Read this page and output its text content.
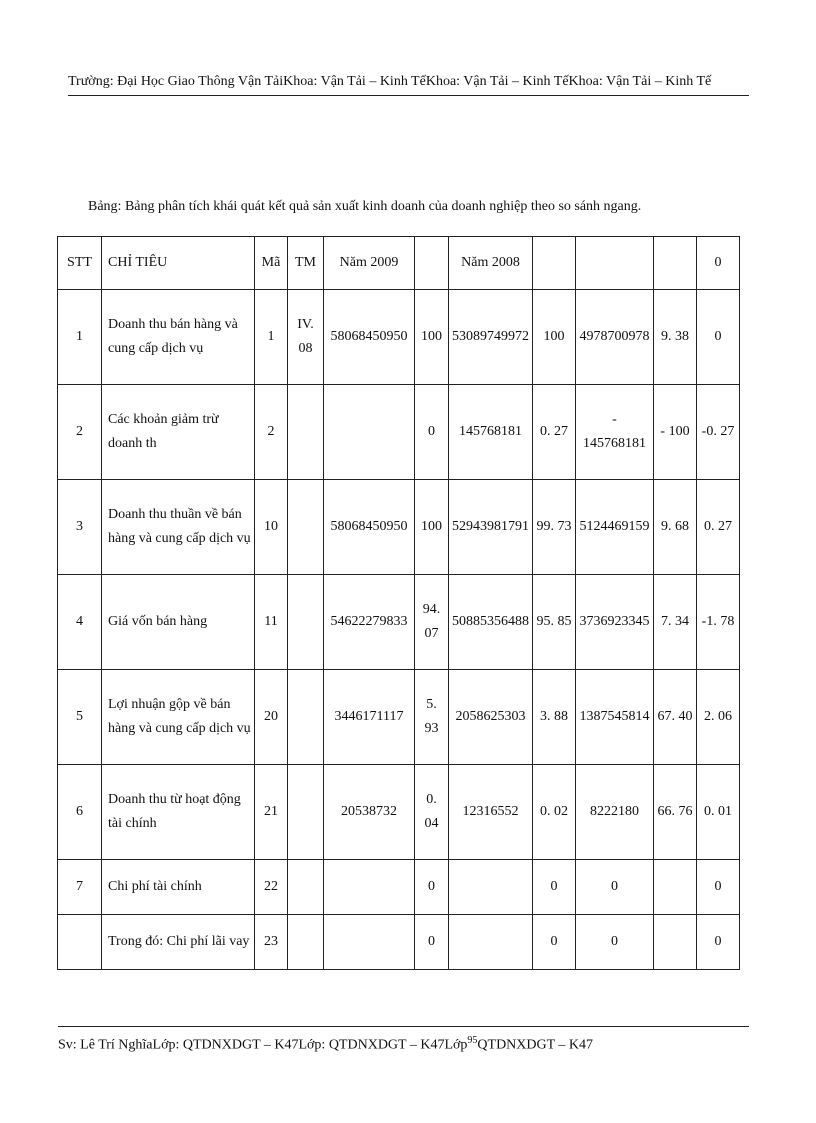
Trường: Đại Học Giao Thông Vận TảiKhoa: Vận Tải – Kinh TếKhoa: Vận Tải – Kinh TếKhoa: Vận Tải – Kinh Tế
Bảng: Bảng phân tích khái quát kết quả sản xuất kinh doanh của doanh nghiệp theo so sánh ngang.
STT	CHỈ TIÊU	Mã	TM	Năm 2009		Năm 2008				0
1	Doanh thu bán hàng và cung cấp dịch vụ	1	IV. 08	58068450950	100	53089749972	100	4978700978	9. 38	0
2	Các khoản giảm trừ doanh th	2			0	145768181	0. 27	- 145768181	- 100	-0. 27
3	Doanh thu thuần về bán hàng và cung cấp dịch vụ	10		58068450950	100	52943981791	99. 73	5124469159	9. 68	0. 27
4	Giá vốn bán hàng	11		54622279833	94. 07	50885356488	95. 85	3736923345	7. 34	-1. 78
5	Lợi nhuận gộp về bán hàng và cung cấp dịch vụ	20		3446171117	5. 93	2058625303	3. 88	1387545814	67. 40	2. 06
6	Doanh thu từ hoạt động tài chính	21		20538732	0. 04	12316552	0. 02	8222180	66. 76	0. 01
7	Chi phí tài chính	22			0		0	0		0
	Trong đó: Chi phí lãi vay	23			0		0	0		0
Sv: Lê Trí NghĩaLớp: QTDNXDGT – K47Lớp: QTDNXDGT – K47Lớp$^{95}$QTDNXDGT – K47
